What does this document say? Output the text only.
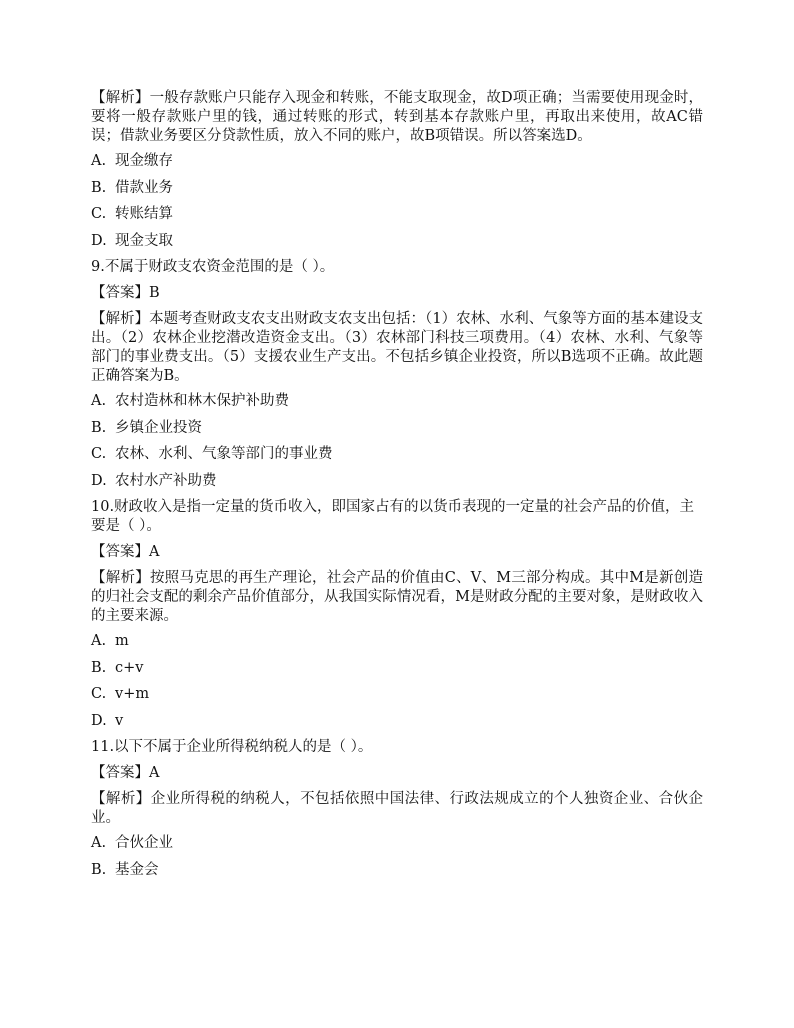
【解析】一般存款账户只能存入现金和转账，不能支取现金，故D项正确；当需要使用现金时，要将一般存款账户里的钱，通过转账的形式，转到基本存款账户里，再取出来使用，故AC错误；借款业务要区分贷款性质，放入不同的账户，故B项错误。所以答案选D。

A. 现金缴存
B. 借款业务
C. 转账结算
D. 现金支取

9.不属于财政支农资金范围的是（ ）。

【答案】B

【解析】本题考查财政支农支出财政支农支出包括：（1）农林、水利、气象等方面的基本建设支出。（2）农林企业挖潜改造资金支出。（3）农林部门科技三项费用。（4）农林、水利、气象等部门的事业费支出。（5）支援农业生产支出。不包括乡镇企业投资，所以B选项不正确。故此题正确答案为B。

A. 农村造林和林木保护补助费
B. 乡镇企业投资
C. 农林、水利、气象等部门的事业费
D. 农村水产补助费

10.财政收入是指一定量的货币收入，即国家占有的以货币表现的一定量的社会产品的价值，主要是（ ）。

【答案】A

【解析】按照马克思的再生产理论，社会产品的价值由C、V、M三部分构成。其中M是新创造的归社会支配的剩余产品价值部分，从我国实际情况看，M是财政分配的主要对象，是财政收入的主要来源。

A. m
B. c+v
C. v+m
D. v

11.以下不属于企业所得税纳税人的是（ ）。

【答案】A

【解析】企业所得税的纳税人，不包括依照中国法律、行政法规成立的个人独资企业、合伙企业。

A. 合伙企业
B. 基金会
